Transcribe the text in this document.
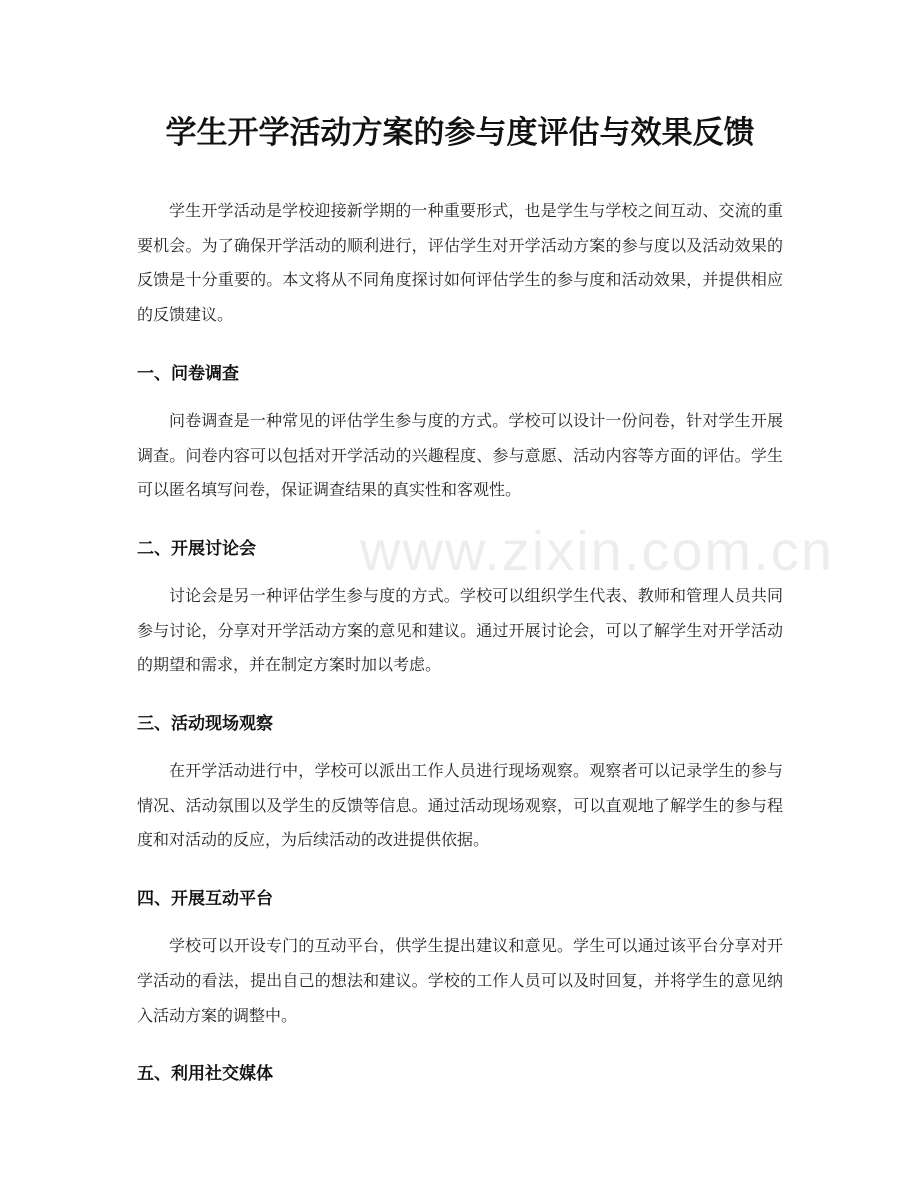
学生开学活动方案的参与度评估与效果反馈

学生开学活动是学校迎接新学期的一种重要形式，也是学生与学校之间互动、交流的重要机会。为了确保开学活动的顺利进行，评估学生对开学活动方案的参与度以及活动效果的反馈是十分重要的。本文将从不同角度探讨如何评估学生的参与度和活动效果，并提供相应的反馈建议。

一、问卷调查

问卷调查是一种常见的评估学生参与度的方式。学校可以设计一份问卷，针对学生开展调查。问卷内容可以包括对开学活动的兴趣程度、参与意愿、活动内容等方面的评估。学生可以匿名填写问卷，保证调查结果的真实性和客观性。

二、开展讨论会

讨论会是另一种评估学生参与度的方式。学校可以组织学生代表、教师和管理人员共同参与讨论，分享对开学活动方案的意见和建议。通过开展讨论会，可以了解学生对开学活动的期望和需求，并在制定方案时加以考虑。

三、活动现场观察

在开学活动进行中，学校可以派出工作人员进行现场观察。观察者可以记录学生的参与情况、活动氛围以及学生的反馈等信息。通过活动现场观察，可以直观地了解学生的参与程度和对活动的反应，为后续活动的改进提供依据。

四、开展互动平台

学校可以开设专门的互动平台，供学生提出建议和意见。学生可以通过该平台分享对开学活动的看法，提出自己的想法和建议。学校的工作人员可以及时回复，并将学生的意见纳入活动方案的调整中。

五、利用社交媒体
www.zixin.com.cn
